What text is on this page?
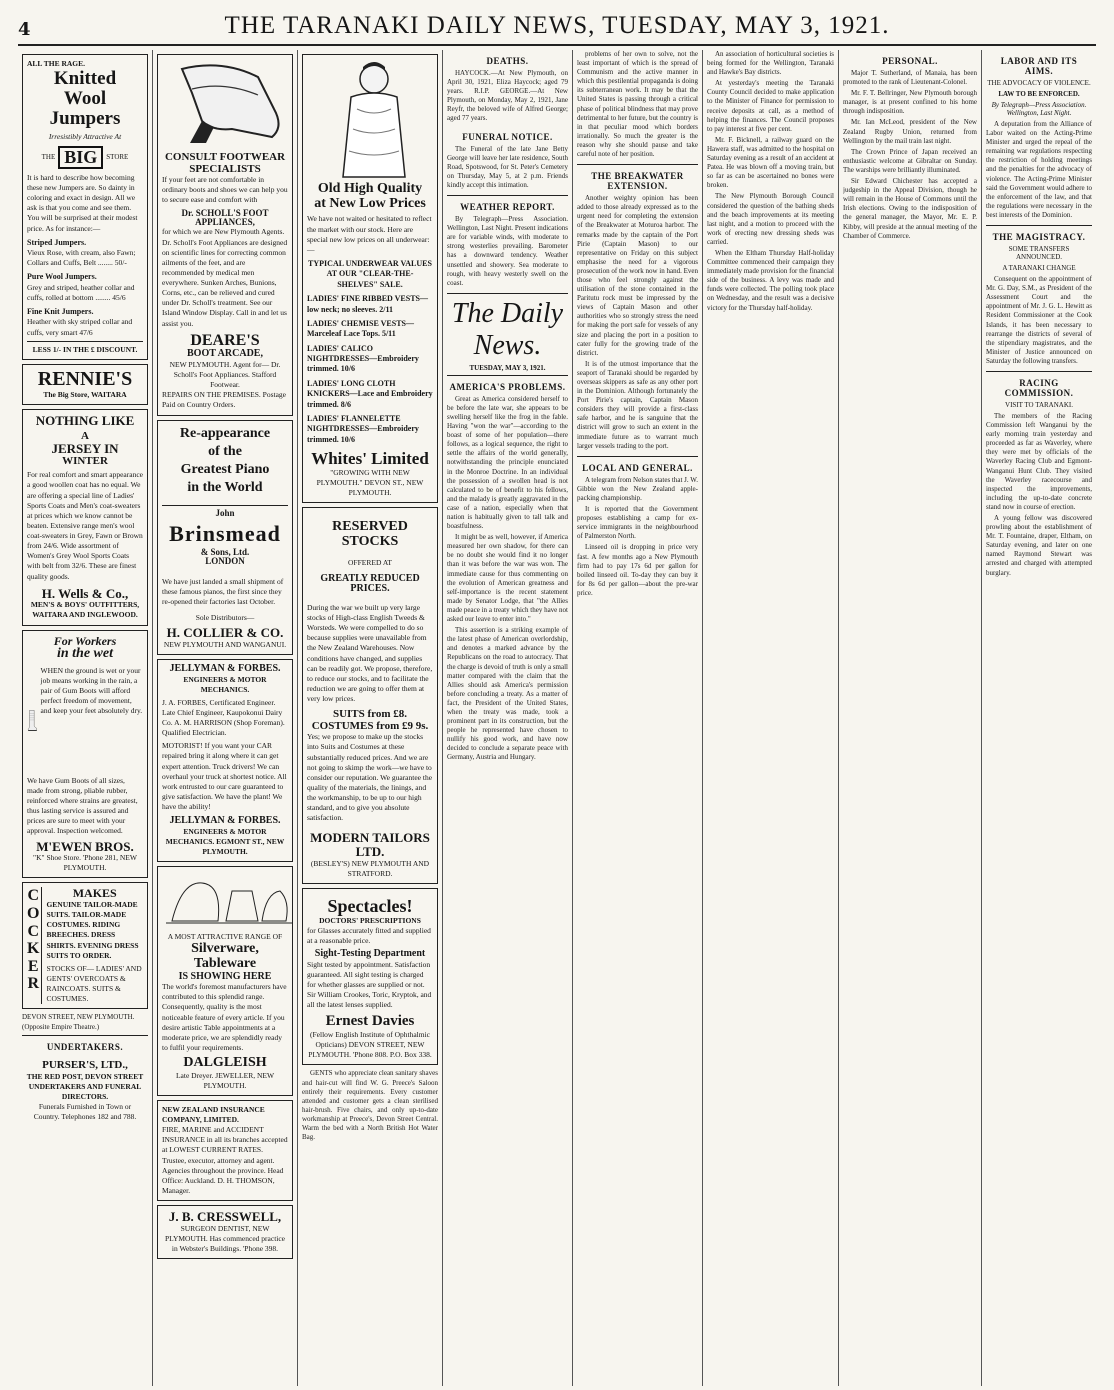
4	THE TARANAKI DAILY NEWS, TUESDAY, MAY 3, 1921.
ALL THE RAGE.
Knitted
Wool
Jumpers
Irresistibly Attractive At
THE BIG	STORE
It is hard to describe how becoming these new Jumpers are. So dainty in coloring and exact in design. All we ask is that you come and see them. You will be surprised at their modest price. As for instance:—
Striped Jumpers.
Vieux Rose, with cream, also Fawn; Collars and Cuffs, Belt ........ 50/-
Pure Wool Jumpers.
Grey and striped, heather collar and cuffs, rolled at bottom ........ 45/6
Fine Knit Jumpers.
Heather with sky striped collar and cuffs, very smart 47/6
LESS 1/- IN THE £ DISCOUNT.
RENNIE'S
The Big Store, WAITARA
NOTHING LIKE
A
JERSEY IN
WINTER
For real comfort and smart appearance a good woollen coat has no equal. We are offering a special line of Ladies' Sports Coats and Men's coat-sweaters at prices which we know cannot be beaten. Extensive range men's wool coat-sweaters in Grey, Fawn or Brown from 24/6. Wide assortment of Women's Grey Wool Sports Coats with belt from 32/6. These are finest quality goods.
H. Wells & Co.,
MEN'S & BOYS' OUTFITTERS, WAITARA AND INGLEWOOD.
For Workers
in the wet
WHEN the ground is wet or your job means working in the rain, a pair of Gum Boots will afford perfect freedom of movement, and keep your feet absolutely dry.
We have Gum Boots of all sizes, made from strong, pliable rubber, reinforced where strains are greatest, thus lasting service is assured and prices are sure to meet with your approval. Inspection welcomed.
M'EWEN BROS.
"K" Shoe Store. 'Phone 281, NEW PLYMOUTH.
C
O
C
K
E
R
MAKES
GENUINE TAILOR-MADE SUITS. TAILOR-MADE COSTUMES. RIDING BREECHES. DRESS SHIRTS. EVENING DRESS SUITS TO ORDER.
STOCKS OF— LADIES' AND GENTS' OVERCOATS & RAINCOATS. SUITS & COSTUMES.
DEVON STREET, NEW PLYMOUTH. (Opposite Empire Theatre.)
UNDERTAKERS.
PURSER'S, LTD.,
THE RED POST, DEVON STREET
UNDERTAKERS AND FUNERAL DIRECTORS.
Funerals Furnished in Town or Country. Telephones 182 and 788.
CONSULT FOOTWEAR
SPECIALISTS
If your feet are not comfortable in ordinary boots and shoes we can help you to secure ease and comfort with
Dr. SCHOLL'S FOOT
APPLIANCES,
for which we are New Plymouth Agents. Dr. Scholl's Foot Appliances are designed on scientific lines for correcting common ailments of the feet, and are recommended by medical men everywhere. Sunken Arches, Bunions, Corns, etc., can be relieved and cured under Dr. Scholl's treatment. See our Island Window Display. Call in and let us assist you.
DEARE'S
BOOT ARCADE,
NEW PLYMOUTH. Agent for— Dr. Scholl's Foot Appliances. Stafford Footwear.
REPAIRS ON THE PREMISES. Postage Paid on Country Orders.
Re-appearance
of the
Greatest Piano
in the World
John
Brinsmead
& Sons, Ltd.
LONDON
We have just landed a small shipment of these famous pianos, the first since they re-opened their factories last October.
Sole Distributors—
H. COLLIER & CO.
NEW PLYMOUTH AND WANGANUI.
JELLYMAN & FORBES.
ENGINEERS & MOTOR MECHANICS.
J. A. FORBES, Certificated Engineer. Late Chief Engineer, Kaupokonui Dairy Co. A. M. HARRISON (Shop Foreman). Qualified Electrician.
MOTORIST! If you want your CAR repaired bring it along where it can get expert attention. Truck drivers! We can overhaul your truck at shortest notice. All work entrusted to our care guaranteed to give satisfaction. We have the plant! We have the ability!
JELLYMAN & FORBES.
ENGINEERS & MOTOR MECHANICS. EGMONT ST., NEW PLYMOUTH.
A MOST ATTRACTIVE RANGE OF
Silverware, Tableware
IS SHOWING HERE
The world's foremost manufacturers have contributed to this splendid range. Consequently, quality is the most noticeable feature of every article. If you desire artistic Table appointments at a moderate price, we are splendidly ready to fulfil your requirements.
DALGLEISH
Late Dreyer. JEWELLER, NEW PLYMOUTH.
NEW ZEALAND INSURANCE COMPANY, LIMITED.
FIRE, MARINE and ACCIDENT INSURANCE in all its branches accepted at LOWEST CURRENT RATES. Trustee, executor, attorney and agent. Agencies throughout the province. Head Office: Auckland. D. H. THOMSON, Manager.
J. B. CRESSWELL,
SURGEON DENTIST, NEW PLYMOUTH. Has commenced practice in Webster's Buildings. 'Phone 398.
Old High Quality
at New Low Prices
We have not waited or hesitated to reflect the market with our stock. Here are special new low prices on all underwear:—
TYPICAL UNDERWEAR VALUES AT OUR "CLEAR-THE-SHELVES" SALE.
LADIES' FINE RIBBED VESTS—low neck; no sleeves. 2/11
LADIES' CHEMISE VESTS—Marceleaf Lace Tops. 5/11
LADIES' CALICO NIGHTDRESSES—Embroidery trimmed. 10/6
LADIES' LONG CLOTH KNICKERS—Lace and Embroidery trimmed. 8/6
LADIES' FLANNELETTE NIGHTDRESSES—Embroidery trimmed. 10/6
Whites' Limited
"GROWING WITH NEW PLYMOUTH." DEVON ST., NEW PLYMOUTH.
RESERVED
STOCKS
OFFERED AT
GREATLY REDUCED PRICES.
During the war we built up very large stocks of High-class English Tweeds & Worsteds. We were compelled to do so because supplies were unavailable from the New Zealand Warehouses. Now conditions have changed, and supplies can be readily got. We propose, therefore, to reduce our stocks, and to facilitate the reduction we are going to offer them at very low prices.
SUITS from £8. COSTUMES from £9 9s.
Yes; we propose to make up the stocks into Suits and Costumes at these substantially reduced prices. And we are not going to skimp the work—we have to consider our reputation. We guarantee the quality of the materials, the linings, and the workmanship, to be up to our high standard, and to give you absolute satisfaction.
MODERN TAILORS LTD.
(BESLEY'S) NEW PLYMOUTH AND STRATFORD.
Spectacles!
DOCTORS' PRESCRIPTIONS
for Glasses accurately fitted and supplied at a reasonable price.
Sight-Testing Department
Sight tested by appointment. Satisfaction guaranteed. All sight testing is charged for whether glasses are supplied or not. Sir William Crookes, Toric, Kryptok, and all the latest lenses supplied.
Ernest Davies
(Fellow English Institute of Ophthalmic Opticians) DEVON STREET, NEW PLYMOUTH. 'Phone 808. P.O. Box 338.

GENTS who appreciate clean sanitary shaves and hair-cut will find W. G. Preece's Saloon entirely their requirements. Every customer attended and customer gets a clean sterilised hair-brush. Five chairs, and only up-to-date workmanship at Preece's, Devon Street Central. Warm the bed with a North British Hot Water Bag.

DEATHS.

HAYCOCK.—At New Plymouth, on April 30, 1921, Eliza Haycock; aged 79 years. R.I.P. GEORGE.—At New Plymouth, on Monday, May 2, 1921, Jane Reyfr, the beloved wife of Alfred George; aged 77 years.

FUNERAL NOTICE.

The Funeral of the late Jane Betty George will leave her late residence, South Road, Spotswood, for St. Peter's Cemetery on Thursday, May 5, at 2 p.m. Friends kindly accept this intimation.

WEATHER REPORT.

By Telegraph—Press Association. Wellington, Last Night. Present indications are for variable winds, with moderate to strong westerlies prevailing. Barometer has a downward tendency. Weather unsettled and showery. Sea moderate to rough, with heavy westerly swell on the coast.

The Daily News.
TUESDAY, MAY 3, 1921.
AMERICA'S PROBLEMS.

Great as America considered herself to be before the late war, she appears to be swelling herself like the frog in the fable. Having "won the war"—according to the boast of some of her population—there follows, as a logical sequence, the right to settle the affairs of the world generally, notwithstanding the principle enunciated in the Monroe Doctrine. In an individual the possession of a swollen head is not calculated to be of benefit to his fellows, and the malady is greatly aggravated in the case of a nation, especially when that nation is habitually given to tall talk and boastfulness.

It might be as well, however, if America measured her own shadow, for there can be no doubt she would find it no longer than it was before the war was won. The immediate cause for thus commenting on the evolution of American greatness and self-importance is the recent statement made by Senator Lodge, that "the Allies made peace in a treaty which they have not asked our leave to enter into."

This assertion is a striking example of the latest phase of American overlordship, and denotes a marked advance by the Republicans on the road to autocracy. That the charge is devoid of truth is only a small matter compared with the claim that the Allies should ask America's permission before concluding a treaty. As a matter of fact, the President of the United States, when the treaty was made, took a prominent part in its construction, but the people he represented have chosen to nullify his good work, and have now decided to conclude a separate peace with Germany, Austria and Hungary.

problems of her own to solve, not the least important of which is the spread of Communism and the active manner in which this pestilential propaganda is doing its subterranean work. It may be that the United States is passing through a critical phase of political blindness that may prove detrimental to her future, but the country is in that peculiar mood which borders irrationally. So much the greater is the reason why she should pause and take careful note of her position.

THE BREAKWATER EXTENSION.

Another weighty opinion has been added to those already expressed as to the urgent need for completing the extension of the Breakwater at Moturoa harbor. The remarks made by the captain of the Port Pirie (Captain Mason) to our representative on Friday on this subject emphasise the need for a vigorous prosecution of the work now in hand. Even those who feel strongly against the utilisation of the stone contained in the Paritutu rock must be impressed by the views of Captain Mason and other authorities who so strongly stress the need for making the port safe for vessels of any size and placing the port in a position to cater fully for the growing trade of the district.

It is of the utmost importance that the seaport of Taranaki should be regarded by overseas skippers as safe as any other port in the Dominion. Although fortunately the Port Pirie's captain, Captain Mason considers they will provide a first-class safe harbor, and he is sanguine that the district will grow to such an extent in the immediate future as to warrant much larger vessels trading to the port.

LOCAL AND GENERAL.

A telegram from Nelson states that J. W. Gibbie won the New Zealand apple-packing championship.

It is reported that the Government proposes establishing a camp for ex-service immigrants in the neighbourhood of Palmerston North.

Linseed oil is dropping in price very fast. A few months ago a New Plymouth firm had to pay 17s 6d per gallon for boiled linseed oil. To-day they can buy it for 8s 6d per gallon—about the pre-war price.

An association of horticultural societies is being formed for the Wellington, Taranaki and Hawke's Bay districts.

At yesterday's meeting the Taranaki County Council decided to make application to the Minister of Finance for permission to receive deposits at call, as a method of helping the finances. The Council proposes to pay interest at five per cent.

Mr. F. Bicknell, a railway guard on the Hawera staff, was admitted to the hospital on Saturday evening as a result of an accident at Patea. He was blown off a moving train, but so far as can be ascertained no bones were broken.

The New Plymouth Borough Council considered the question of the bathing sheds and the beach improvements at its meeting last night, and a motion to proceed with the work of erecting new dressing sheds was carried.

When the Eltham Thursday Half-holiday Committee commenced their campaign they immediately made provision for the financial side of the business. A levy was made and funds were collected. The polling took place on Wednesday, and the result was a decisive victory for the Thursday half-holiday.

PERSONAL.

Major T. Sutherland, of Manaia, has been promoted to the rank of Lieutenant-Colonel.

Mr. F. T. Bellringer, New Plymouth borough manager, is at present confined to his home through indisposition.

Mr. Ian McLeod, president of the New Zealand Rugby Union, returned from Wellington by the mail train last night.

The Crown Prince of Japan received an enthusiastic welcome at Gibraltar on Sunday. The warships were brilliantly illuminated.

Sir Edward Chichester has accepted a judgeship in the Appeal Division, though he will remain in the House of Commons until the Irish elections. Owing to the indisposition of the general manager, the Mayor, Mr. E. P. Kibby, will preside at the annual meeting of the Chamber of Commerce.

LABOR AND ITS AIMS.
THE ADVOCACY OF VIOLENCE.
LAW TO BE ENFORCED.
By Telegraph—Press Association. Wellington, Last Night.

A deputation from the Alliance of Labor waited on the Acting-Prime Minister and urged the repeal of the remaining war regulations respecting the restriction of holding meetings and the penalties for the advocacy of violence. The Acting-Prime Minister said the Government would adhere to the enforcement of the law, and that the regulations were necessary in the best interests of the Dominion.

THE MAGISTRACY.
SOME TRANSFERS ANNOUNCED.
A TARANAKI CHANGE

Consequent on the appointment of Mr. G. Day, S.M., as President of the Assessment Court and the appointment of Mr. J. G. L. Hewitt as Resident Commissioner at the Cook Islands, it has been necessary to rearrange the districts of several of the stipendiary magistrates, and the Minister of Justice announced on Saturday the following transfers.

RACING COMMISSION.
VISIT TO TARANAKI.

The members of the Racing Commission left Wanganui by the early morning train yesterday and proceeded as far as Waverley, where they were met by officials of the Waverley Racing Club and Egmont-Wanganui Hunt Club. They visited the Waverley racecourse and inspected the improvements, including the up-to-date concrete stand now in course of erection.

A young fellow was discovered prowling about the establishment of Mr. T. Fountaine, draper, Eltham, on Saturday evening, and later on one named Raymond Stewart was arrested and charged with attempted burglary.
